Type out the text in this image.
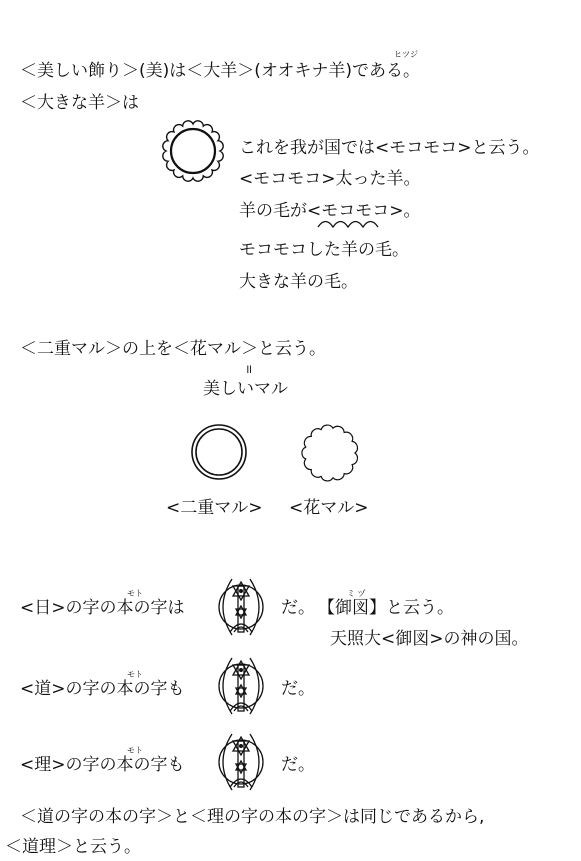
ヒツジ
＜美しい飾り＞(美)は＜大羊＞(オオキナ羊)である。
＜大きな羊＞は
これを我が国では<モコモコ>と云う。
<モコモコ>太った羊。
羊の毛が<モコモコ>。
モコモコした羊の毛。
大きな羊の毛。
＜二重マル＞の上を＜花マル＞と云う。
॥
美しいマル
<二重マル> <花マル>
モト
<日>の字の本の字は	だ。
ミ ヅ
【御図】と云う。
天照大<御図>の神の国。
モト
<道>の字の本の字も	だ。
モト
<理>の字の本の字も	だ。
＜道の字の本の字＞と＜理の字の本の字＞は同じであるから,
＜道理＞と云う。
